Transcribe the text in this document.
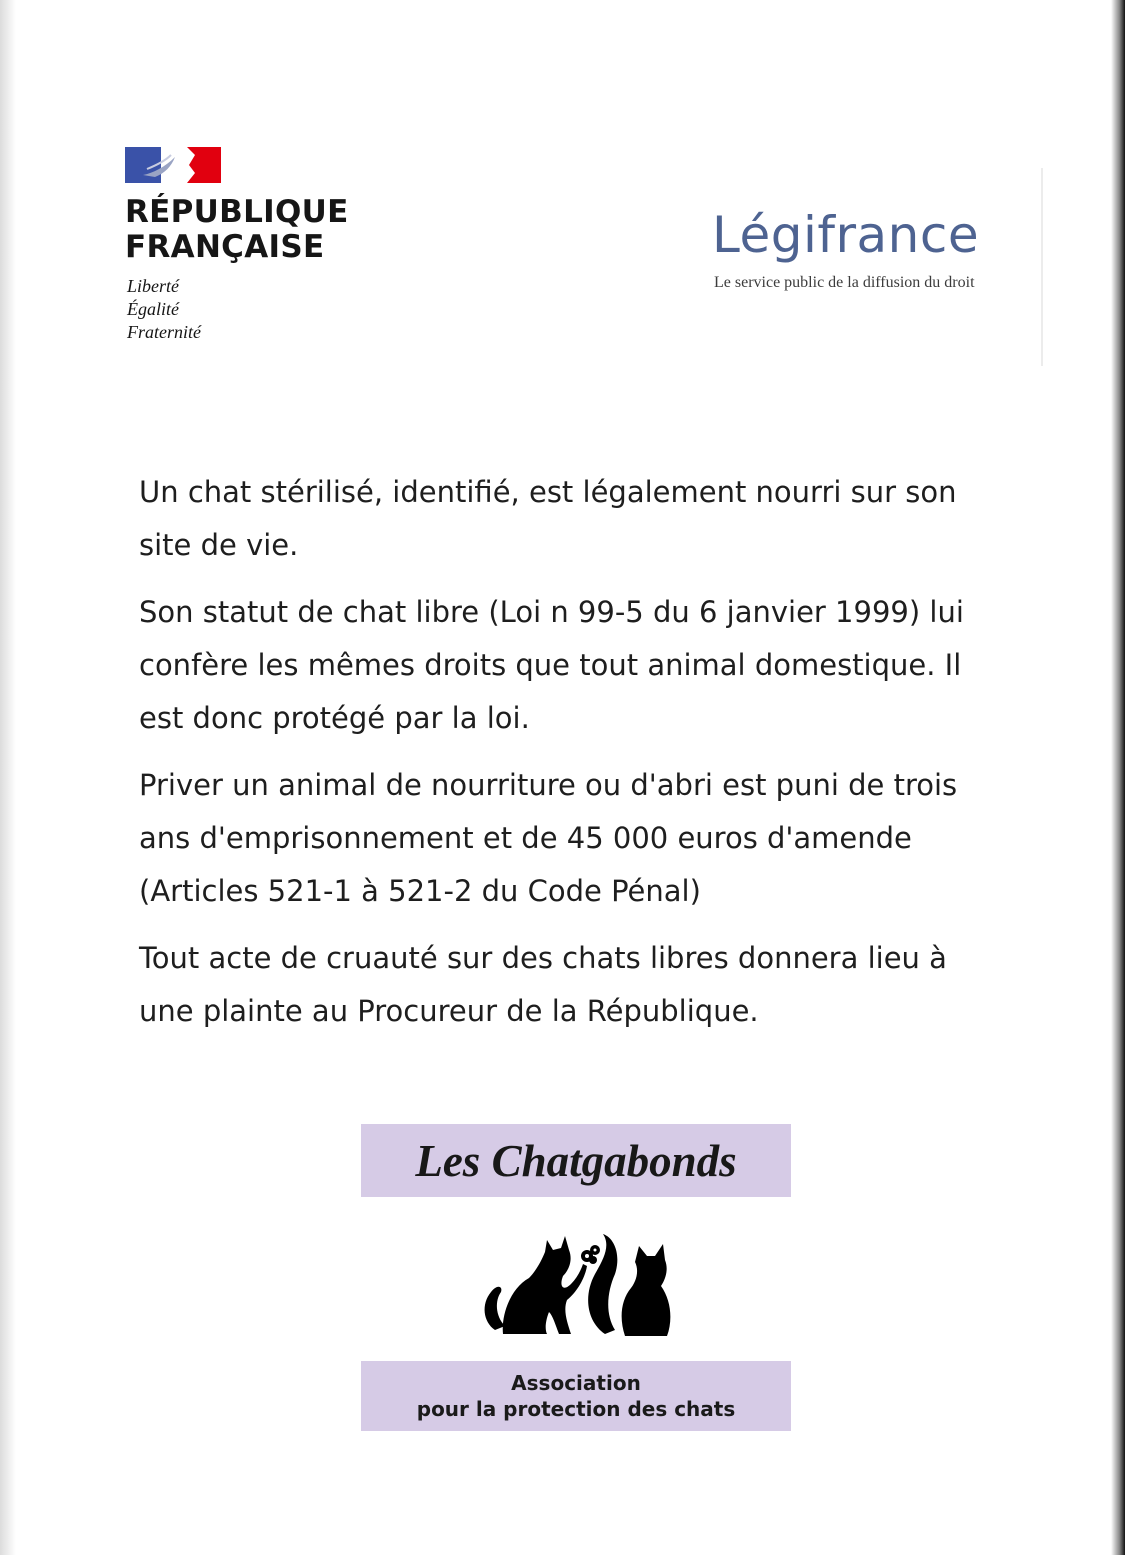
RÉPUBLIQUE
FRANÇAISE
Liberté
Égalité
Fraternité
Légifrance
Le service public de la diffusion du droit

Un chat stérilisé, identifié, est légalement nourri sur son site de vie.

Son statut de chat libre (Loi n 99-5 du 6 janvier 1999) lui confère les mêmes droits que tout animal domestique. Il est donc protégé par la loi.

Priver un animal de nourriture ou d'abri est puni de trois ans d'emprisonnement et de 45 000 euros d'amende (Articles 521-1 à 521-2 du Code Pénal)

Tout acte de cruauté sur des chats libres donnera lieu à une plainte au Procureur de la République.

Les Chatgabonds
Association
pour la protection des chats
